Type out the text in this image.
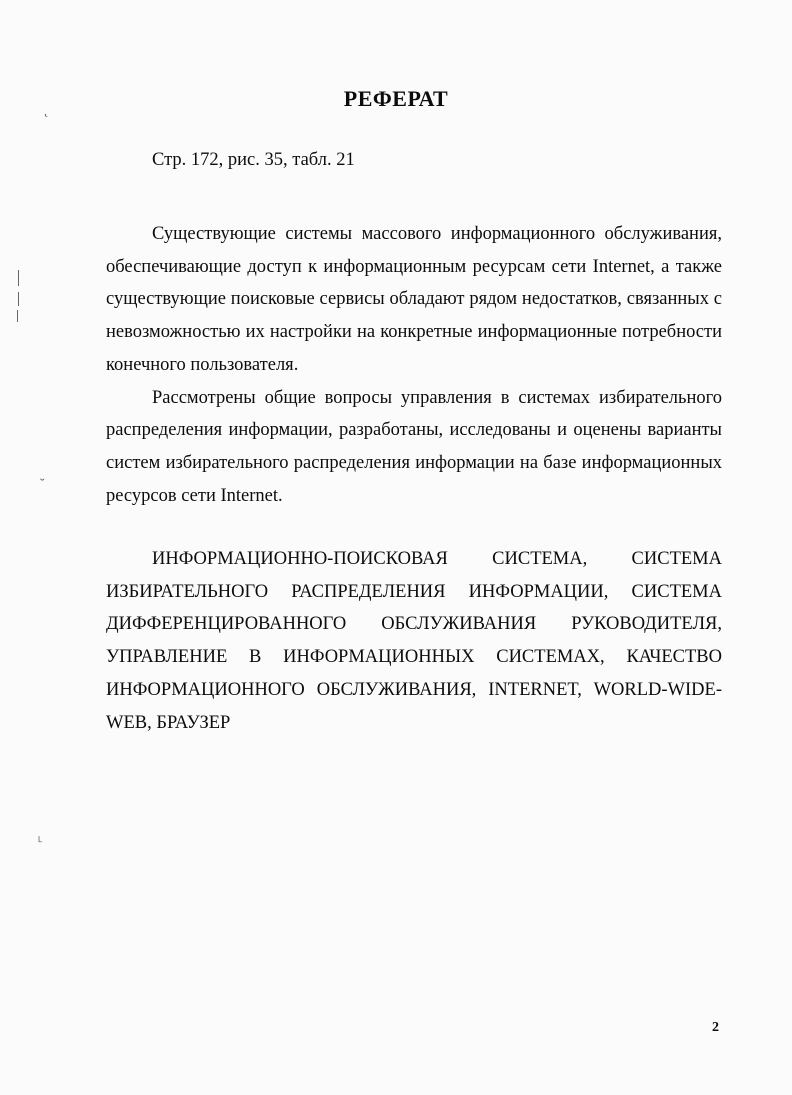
РЕФЕРАТ

Стр. 172, рис. 35, табл. 21

Существующие системы массового информационного обслуживания, обеспечивающие доступ к информационным ресурсам сети Internet, а также существующие поисковые сервисы обладают рядом недостатков, связанных с невозможностью их настройки на конкретные информационные потребности конечного пользователя.

Рассмотрены общие вопросы управления в системах избирательного распределения информации, разработаны, исследованы и оценены варианты систем избирательного распределения информации на базе информационных ресурсов сети Internet.

ИНФОРМАЦИОННО-ПОИСКОВАЯ СИСТЕМА, СИСТЕМА ИЗБИРАТЕЛЬНОГО РАСПРЕДЕЛЕНИЯ ИНФОРМАЦИИ, СИСТЕМА ДИФФЕРЕНЦИРОВАННОГО ОБСЛУЖИВАНИЯ РУКОВОДИТЕЛЯ, УПРАВЛЕНИЕ В ИНФОРМАЦИОННЫХ СИСТЕМАХ, КАЧЕСТВО ИНФОРМАЦИОННОГО ОБСЛУЖИВАНИЯ, INTERNET, WORLD-WIDE-WEB, БРАУЗЕР

2
˛
˘
˪
